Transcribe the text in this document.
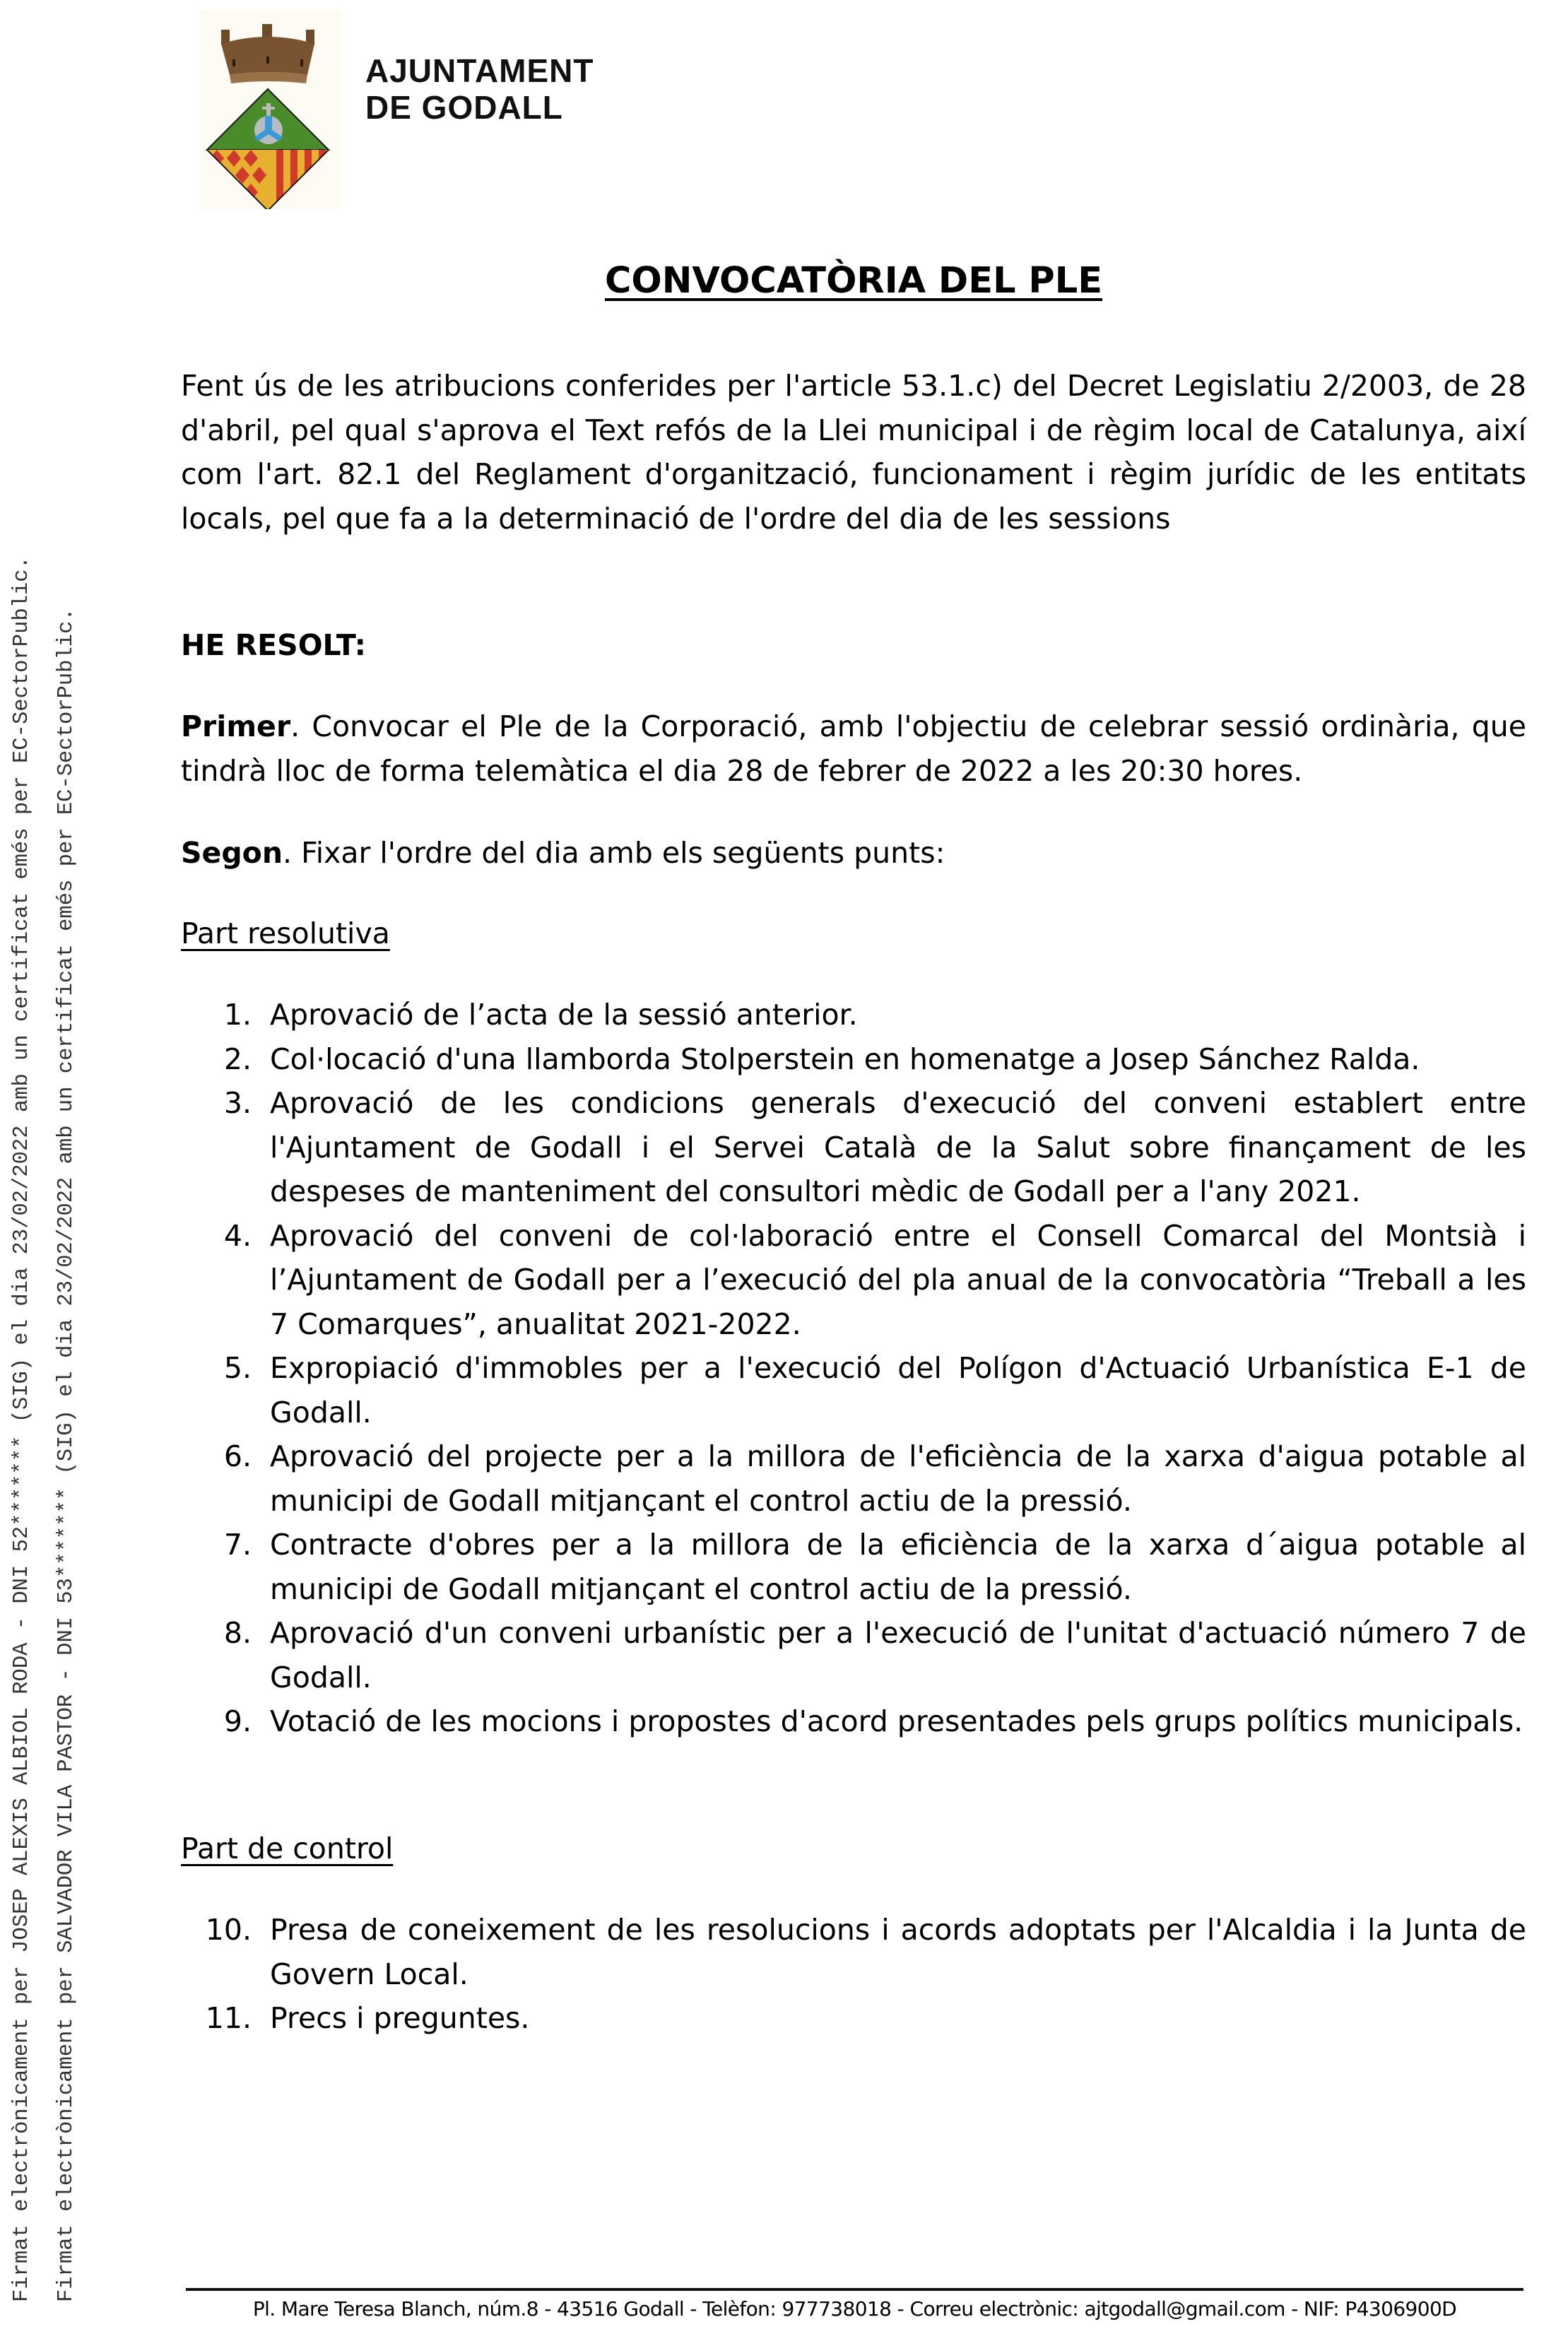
AJUNTAMENT
DE GODALL
Firmat electrònicament per JOSEP ALEXIS ALBIOL RODA - DNI 52******* (SIG) el dia 23/02/2022 amb un certificat emés per EC-SectorPublic. Firmat electrònicament per SALVADOR VILA PASTOR - DNI 53******* (SIG) el dia 23/02/2022 amb un certificat emés per EC-SectorPublic.
CONVOCATÒRIA DEL PLE
Fent ús de les atribucions conferides per l'article 53.1.c) del Decret Legislatiu 2/2003, de 28 d'abril, pel qual s'aprova el Text refós de la Llei municipal i de règim local de Catalunya, així com l'art. 82.1 del Reglament d'organització, funcionament i règim jurídic de les entitats locals, pel que fa a la determinació de l'ordre del dia de les sessions
HE RESOLT:
Primer. Convocar el Ple de la Corporació, amb l'objectiu de celebrar sessió ordinària, que tindrà lloc de forma telemàtica el dia 28 de febrer de 2022 a les 20:30 hores.
Segon. Fixar l'ordre del dia amb els següents punts:
Part resolutiva
1. Aprovació de l’acta de la sessió anterior.
2. Col·locació d'una llamborda Stolperstein en homenatge a Josep Sánchez Ralda.
3. Aprovació de les condicions generals d'execució del conveni establert entre l'Ajuntament de Godall i el Servei Català de la Salut sobre finançament de les despeses de manteniment del consultori mèdic de Godall per a l'any 2021.
4. Aprovació del conveni de col·laboració entre el Consell Comarcal del Montsià i l’Ajuntament de Godall per a l’execució del pla anual de la convocatòria “Treball a les 7 Comarques”, anualitat 2021-2022.
5. Expropiació d'immobles per a l'execució del Polígon d'Actuació Urbanística E-1 de Godall.
6. Aprovació del projecte per a la millora de l'eficiència de la xarxa d'aigua potable al municipi de Godall mitjançant el control actiu de la pressió.
7. Contracte d'obres per a la millora de la eficiència de la xarxa d´aigua potable al municipi de Godall mitjançant el control actiu de la pressió.
8. Aprovació d'un conveni urbanístic per a l'execució de l'unitat d'actuació número 7 de Godall.
9. Votació de les mocions i propostes d'acord presentades pels grups polítics municipals.
Part de control
10. Presa de coneixement de les resolucions i acords adoptats per l'Alcaldia i la Junta de Govern Local.
11. Precs i preguntes.
Pl. Mare Teresa Blanch, núm.8 - 43516 Godall - Telèfon: 977738018 - Correu electrònic: ajtgodall@gmail.com - NIF: P4306900D
